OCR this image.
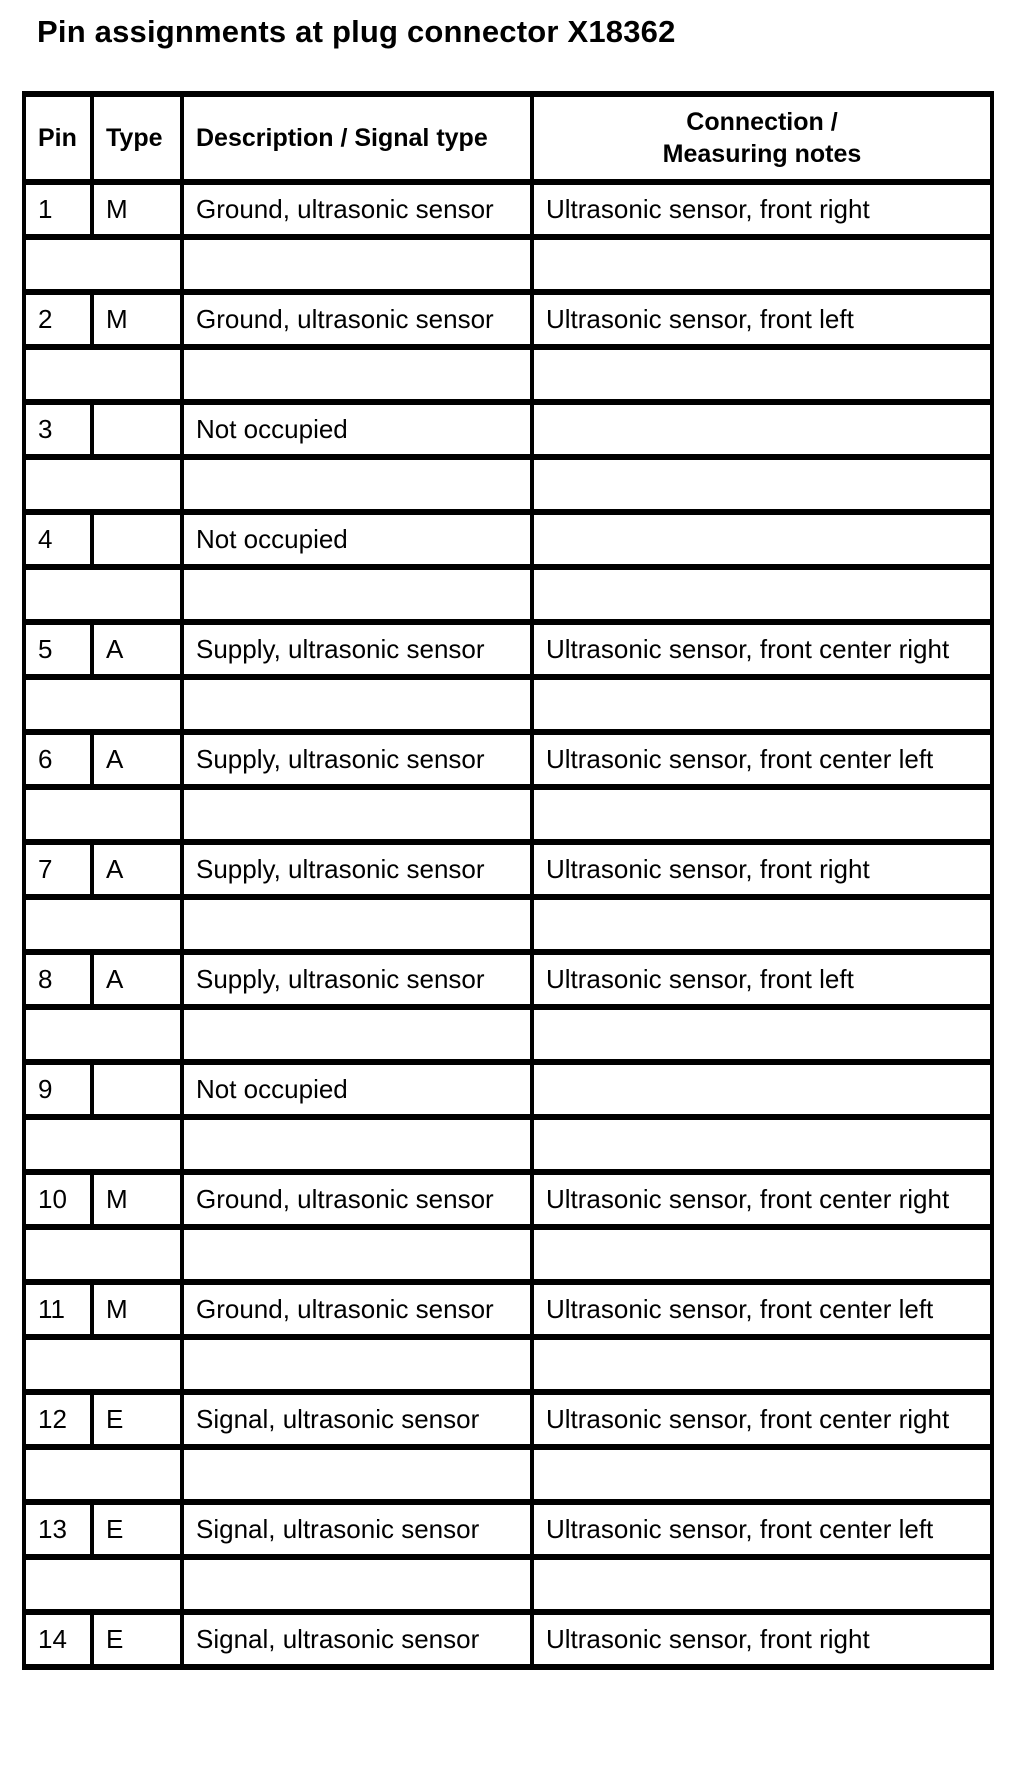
Pin assignments at plug connector X18362
Pin	Type	Description / Signal type	Connection /
Measuring notes
1	M	Ground, ultrasonic sensor	Ultrasonic sensor, front right

2	M	Ground, ultrasonic sensor	Ultrasonic sensor, front left

3		Not occupied	

4		Not occupied	

5	A	Supply, ultrasonic sensor	Ultrasonic sensor, front center right

6	A	Supply, ultrasonic sensor	Ultrasonic sensor, front center left

7	A	Supply, ultrasonic sensor	Ultrasonic sensor, front right

8	A	Supply, ultrasonic sensor	Ultrasonic sensor, front left

9		Not occupied	

10	M	Ground, ultrasonic sensor	Ultrasonic sensor, front center right

11	M	Ground, ultrasonic sensor	Ultrasonic sensor, front center left

12	E	Signal, ultrasonic sensor	Ultrasonic sensor, front center right

13	E	Signal, ultrasonic sensor	Ultrasonic sensor, front center left

14	E	Signal, ultrasonic sensor	Ultrasonic sensor, front right
